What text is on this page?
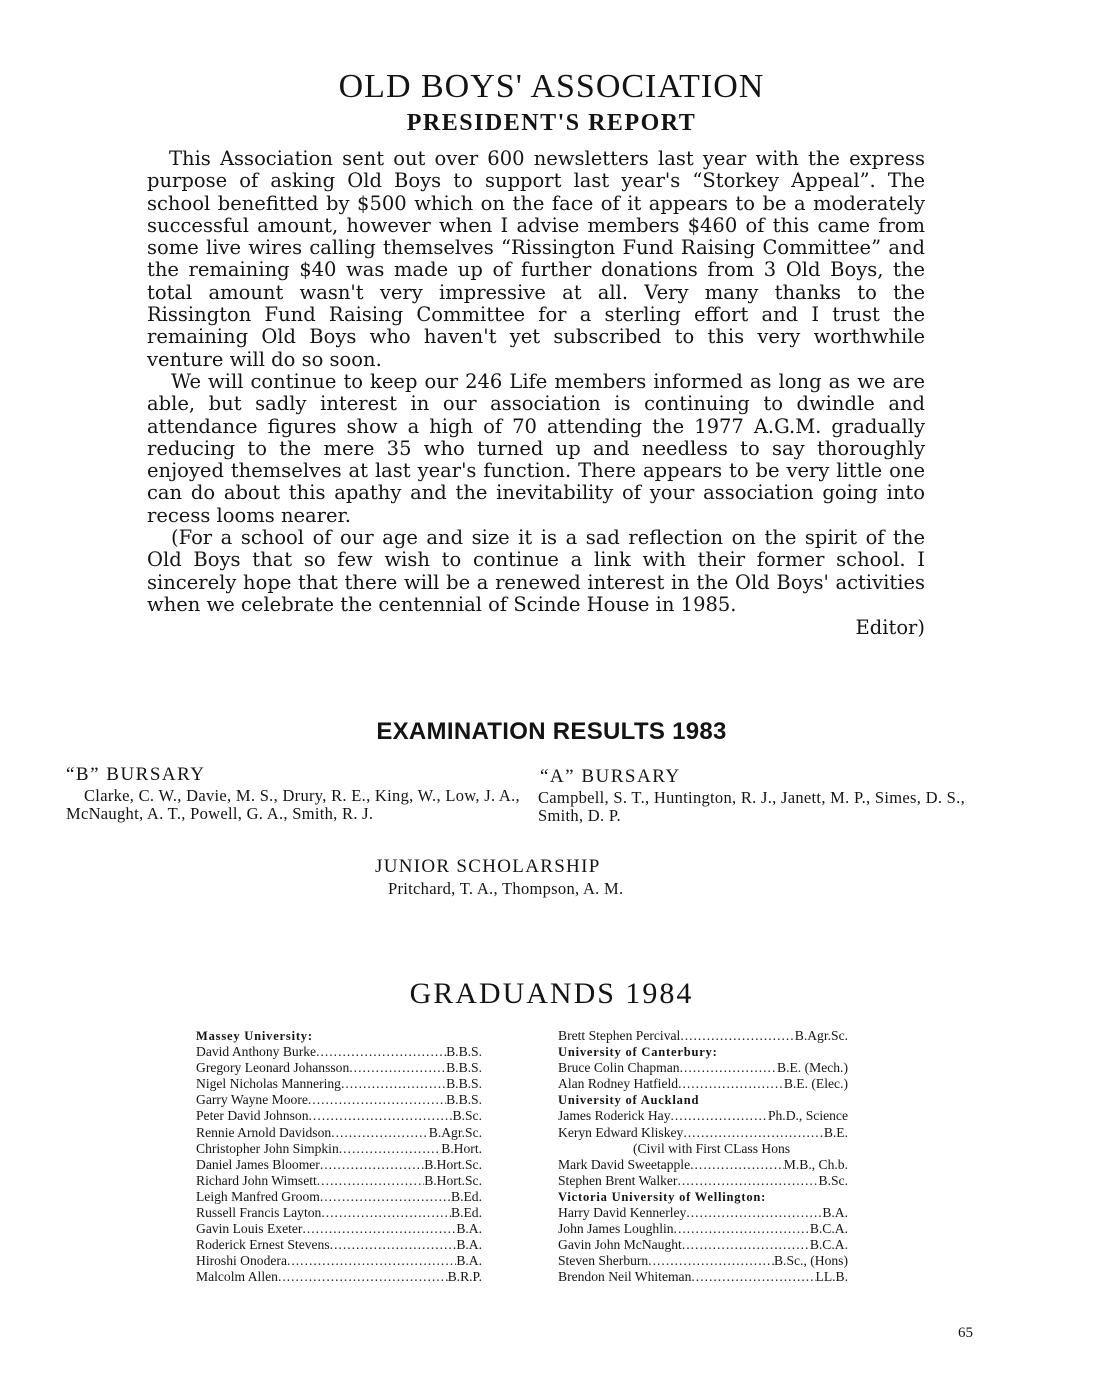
OLD BOYS' ASSOCIATION
PRESIDENT'S REPORT

This Association sent out over 600 newsletters last year with the express purpose of asking Old Boys to support last year's “Storkey Appeal”. The school benefitted by $500 which on the face of it appears to be a moderately successful amount, however when I advise members $460 of this came from some live wires calling themselves “Rissington Fund Raising Committee” and the remaining $40 was made up of further donations from 3 Old Boys, the total amount wasn't very impressive at all. Very many thanks to the Rissington Fund Raising Committee for a sterling effort and I trust the remaining Old Boys who haven't yet subscribed to this very worthwhile venture will do so soon.

We will continue to keep our 246 Life members informed as long as we are able, but sadly interest in our association is continuing to dwindle and attendance figures show a high of 70 attending the 1977 A.G.M. gradually reducing to the mere 35 who turned up and needless to say thoroughly enjoyed themselves at last year's function. There appears to be very little one can do about this apathy and the inevitability of your association going into recess looms nearer.

(For a school of our age and size it is a sad reflection on the spirit of the Old Boys that so few wish to continue a link with their former school. I sincerely hope that there will be a renewed interest in the Old Boys' activities when we celebrate the centennial of Scinde House in 1985.

Editor)

EXAMINATION RESULTS 1983
“B” BURSARY

Clarke, C. W., Davie, M. S., Drury, R. E., King, W., Low, J. A., McNaught, A. T., Powell, G. A., Smith, R. J.

“A” BURSARY

Campbell, S. T., Huntington, R. J., Janett, M. P., Simes, D. S., Smith, D. P.

JUNIOR SCHOLARSHIP

Pritchard, T. A., Thompson, A. M.

GRADUANDS 1984
Massey University:
David Anthony Burke .....	B.B.S.
Gregory Leonard Johansson .....	B.B.S.
Nigel Nicholas Mannering .....	B.B.S.
Garry Wayne Moore .....	B.B.S.
Peter David Johnson .....	B.Sc.
Rennie Arnold Davidson .....	B.Agr.Sc.
Christopher John Simpkin .....	B.Hort.
Daniel James Bloomer .....	B.Hort.Sc.
Richard John Wimsett .....	B.Hort.Sc.
Leigh Manfred Groom .....	B.Ed.
Russell Francis Layton .....	B.Ed.
Gavin Louis Exeter .....	B.A.
Roderick Ernest Stevens .....	B.A.
Hiroshi Onodera .....	B.A.
Malcolm Allen .....	B.R.P.
Brett Stephen Percival .....	B.Agr.Sc.
University of Canterbury:
Bruce Colin Chapman .....	B.E. (Mech.)
Alan Rodney Hatfield .....	B.E. (Elec.)
University of Auckland
James Roderick Hay .....	Ph.D., Science
Keryn Edward Kliskey .....	B.E.
(Civil with First CLass Hons
Mark David Sweetapple .....	M.B., Ch.b.
Stephen Brent Walker .....	B.Sc.
Victoria University of Wellington:
Harry David Kennerley .....	B.A.
John James Loughlin .....	B.C.A.
Gavin John McNaught .....	B.C.A.
Steven Sherburn .....	B.Sc., (Hons)
Brendon Neil Whiteman .....	LL.B.

65
